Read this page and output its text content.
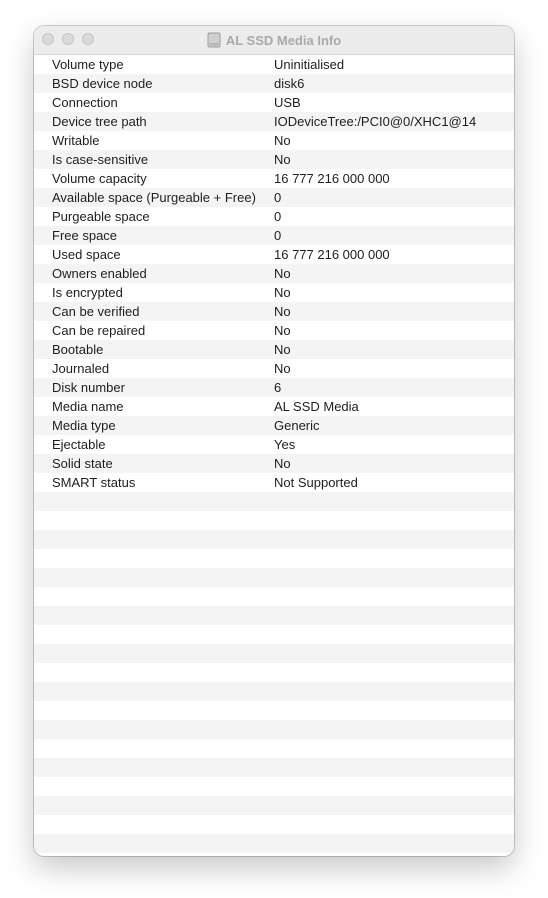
AL SSD Media Info
Volume type	Uninitialised
BSD device node	disk6
Connection	USB
Device tree path	IODeviceTree:/PCI0@0/XHC1@14
Writable	No
Is case-sensitive	No
Volume capacity	16 777 216 000 000
Available space (Purgeable + Free)	0
Purgeable space	0
Free space	0
Used space	16 777 216 000 000
Owners enabled	No
Is encrypted	No
Can be verified	No
Can be repaired	No
Bootable	No
Journaled	No
Disk number	6
Media name	AL SSD Media
Media type	Generic
Ejectable	Yes
Solid state	No
SMART status	Not Supported
